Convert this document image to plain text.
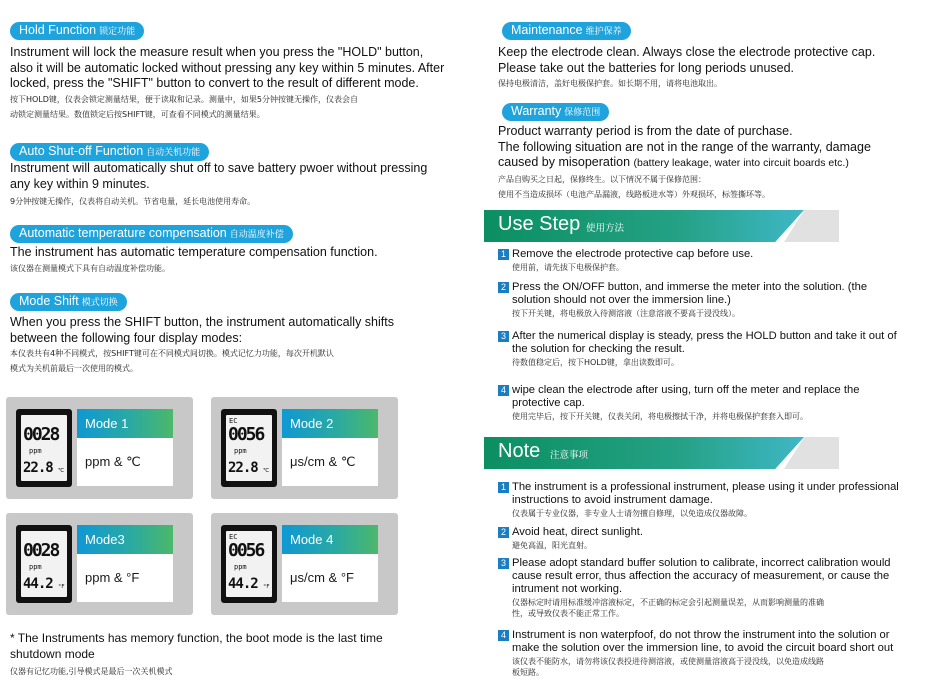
Hold Function 锁定功能
Instrument will lock the measure result when you press the "HOLD" button,
also it will be automatic locked without pressing any key within 5 minutes. After
locked, press the "SHIFT" button to convert to the result of different mode.
按下HOLD键，仪表会锁定测量结果，便于读取和记录。测量中，如果5分钟按键无操作，仪表会自
动锁定测量结果。数值锁定后按SHIFT键，可查看不同模式的测量结果。
Auto Shut-off Function 自动关机功能
Instrument will automatically shut off to save battery pwoer without pressing
any key within 9 minutes.
9分钟按键无操作，仪表将自动关机。节省电量，延长电池使用寿命。
Automatic temperature compensation 自动温度补偿
The instrument has automatic temperature compensation function.
该仪器在测量模式下具有自动温度补偿功能。
Mode Shift 模式切换
When you press the SHIFT button, the instrument automatically shifts
between the following four display modes:
本仪表共有4种不同模式，按SHIFT键可在不同模式间切换。模式记忆力功能，每次开机默认
模式为关机前最后一次使用的模式。
0028
ppm
22.8 ℃
Mode 1
ppm & ℃
EC
0056
ppm
22.8 ℃
Mode 2
μs/cm & ℃
0028
ppm
44.2 °F
Mode3
ppm & °F
EC
0056
ppm
44.2 °F
Mode 4
μs/cm & °F
* The Instruments has memory function, the boot mode is the last time
shutdown mode
仪器有记忆功能,引导模式是最后一次关机模式
Maintenance 维护保养
Keep the electrode clean. Always close the electrode protective cap.
Please take out the batteries for long periods unused.
保持电极清洁，盖好电极保护套。如长期不用，请将电池取出。
Warranty 保修范围
Product warranty period is from the date of purchase.
The following situation are not in the range of the warranty, damage
caused by misoperation (battery leakage, water into circuit boards etc.)
产品自购买之日起，保修终生。以下情况不属于保修范围：
使用不当造成损坏（电池产品漏液，线路板进水等）外观损坏，标签撕坏等。
Use Step 使用方法
1 Remove the electrode protective cap before use.
使用前，请先拔下电极保护套。
2 Press the ON/OFF button, and immerse the meter into the solution. (the
solution should not over the immersion line.)
按下开关键，将电极放入待测溶液（注意溶液不要高于浸没线）。
3 After the numerical display is steady, press the HOLD button and take it out of
the solution for checking the result.
待数值稳定后，按下HOLD键，拿出读数即可。
4 wipe clean the electrode after using, turn off the meter and replace the
protective cap.
使用完毕后，按下开关键，仪表关闭，将电极擦拭干净，并将电极保护套套入即可。
Note 注意事项
1 The instrument is a professional instrument, please using it under professional
instructions to avoid instrument damage.
仪表属于专业仪器，非专业人士请勿擅自修理，以免造成仪器故障。
2 Avoid heat, direct sunlight.
避免高温，阳光直射。
3 Please adopt standard buffer solution to calibrate, incorrect calibration would
cause result error, thus affection the accuracy of measurement, or cause the
intrument not working.
仪器标定时请用标准缓冲溶液标定，不正确的标定会引起测量误差，从而影响测量的准确
性，或导致仪表不能正常工作。
4 Instrument is non waterpfoof, do not throw the instrument into the solution or
make the solution over the immersion line, to avoid the circuit board short out
该仪表不能防水，请勿将该仪表投进待测溶液，或使测量溶液高于浸没线，以免造成线路
板短路。
